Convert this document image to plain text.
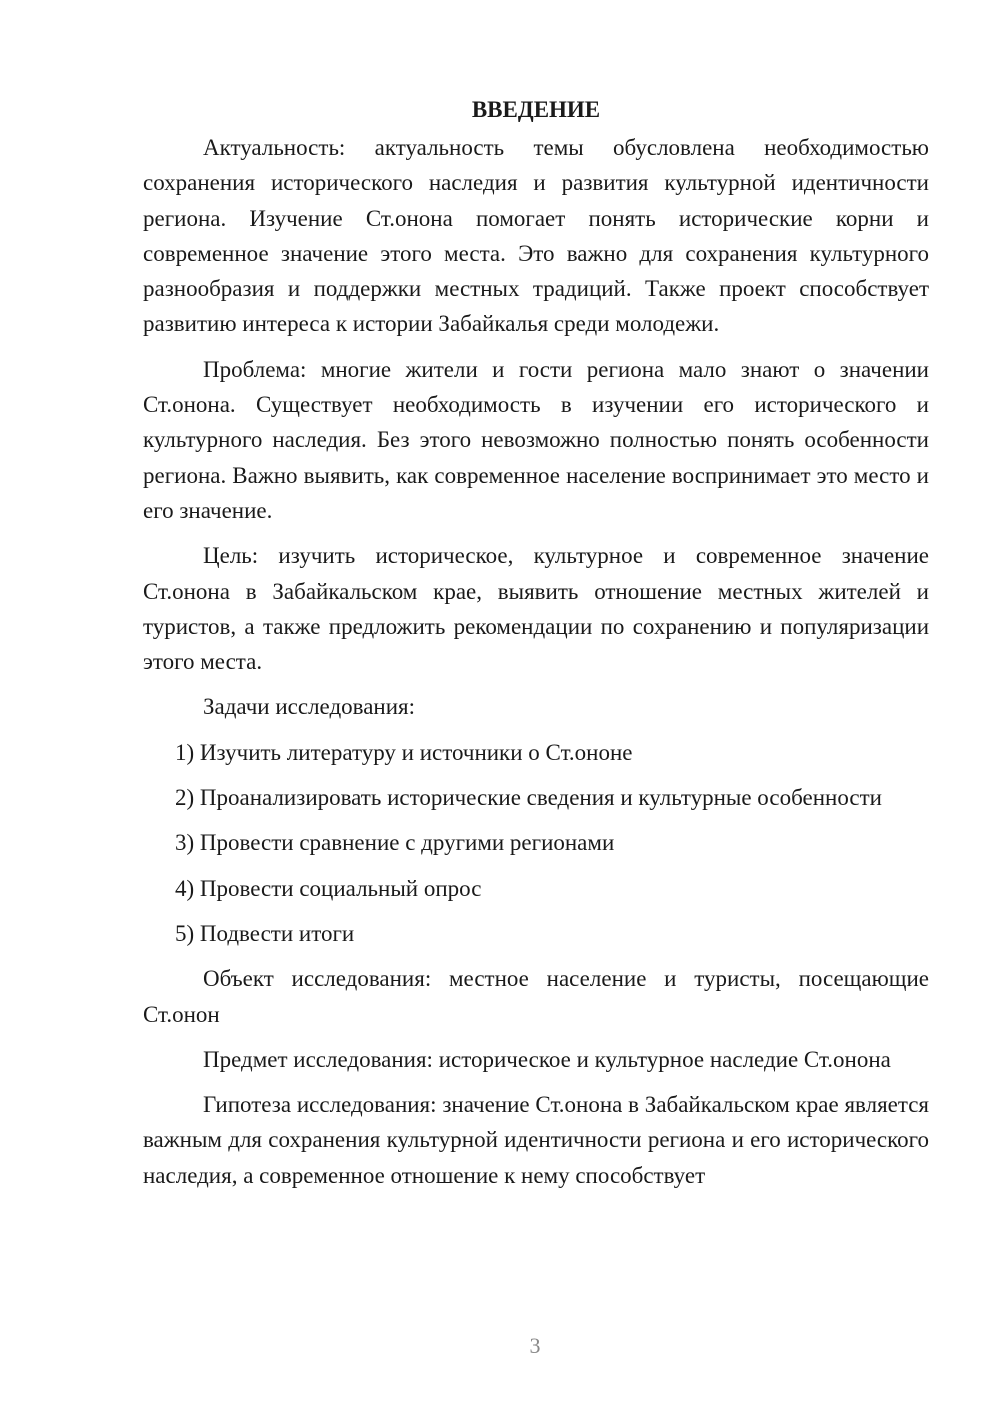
ВВЕДЕНИЕ

Актуальность: актуальность темы обусловлена необходимостью сохранения исторического наследия и развития культурной идентичности региона. Изучение Ст.онона помогает понять исторические корни и современное значение этого места. Это важно для сохранения культурного разнообразия и поддержки местных традиций. Также проект способствует развитию интереса к истории Забайкалья среди молодежи.

Проблема: многие жители и гости региона мало знают о значении Ст.онона. Существует необходимость в изучении его исторического и культурного наследия. Без этого невозможно полностью понять особенности региона. Важно выявить, как современное население воспринимает это место и его значение.

Цель: изучить историческое, культурное и современное значение Ст.онона в Забайкальском крае, выявить отношение местных жителей и туристов, а также предложить рекомендации по сохранению и популяризации этого места.

Задачи исследования:

1) Изучить литературу и источники о Ст.ононе

2) Проанализировать исторические сведения и культурные особенности

3) Провести сравнение с другими регионами

4) Провести социальный опрос

5) Подвести итоги

Объект исследования: местное население и туристы, посещающие Ст.онон

Предмет исследования: историческое и культурное наследие Ст.онона

Гипотеза исследования: значение Ст.онона в Забайкальском крае является важным для сохранения культурной идентичности региона и его исторического наследия, а современное отношение к нему способствует

3
